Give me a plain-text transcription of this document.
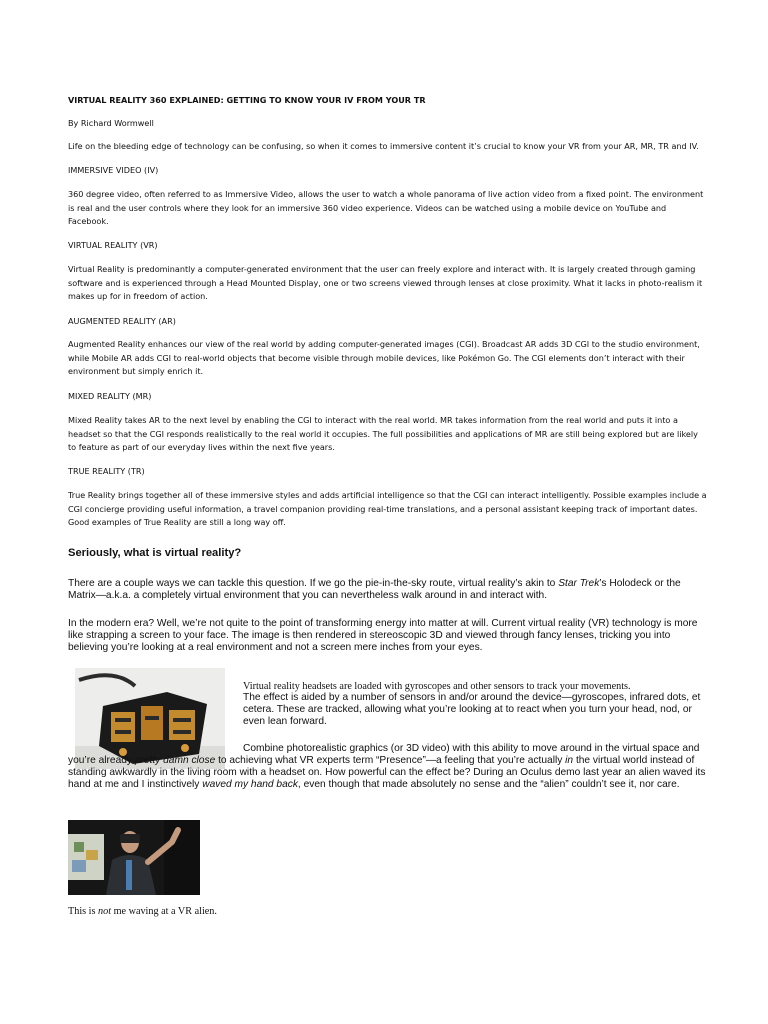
VIRTUAL REALITY 360 EXPLAINED: GETTING TO KNOW YOUR IV FROM YOUR TR

By Richard Wormwell

Life on the bleeding edge of technology can be confusing, so when it comes to immersive content it’s crucial to know your VR from your AR, MR, TR and IV.

IMMERSIVE VIDEO (IV)

360 degree video, often referred to as Immersive Video, allows the user to watch a whole panorama of live action video from a fixed point. The environment is real and the user controls where they look for an immersive 360 video experience. Videos can be watched using a mobile device on YouTube and Facebook.

VIRTUAL REALITY (VR)

Virtual Reality is predominantly a computer-generated environment that the user can freely explore and interact with. It is largely created through gaming software and is experienced through a Head Mounted Display, one or two screens viewed through lenses at close proximity. What it lacks in photo-realism it makes up for in freedom of action.

AUGMENTED REALITY (AR)

Augmented Reality enhances our view of the real world by adding computer-generated images (CGI). Broadcast AR adds 3D CGI to the studio environment, while Mobile AR adds CGI to real-world objects that become visible through mobile devices, like Pokémon Go. The CGI elements don’t interact with their environment but simply enrich it.

MIXED REALITY (MR)

Mixed Reality takes AR to the next level by enabling the CGI to interact with the real world. MR takes information from the real world and puts it into a headset so that the CGI responds realistically to the real world it occupies. The full possibilities and applications of MR are still being explored but are likely to feature as part of our everyday lives within the next five years.

TRUE REALITY (TR)

True Reality brings together all of these immersive styles and adds artificial intelligence so that the CGI can interact intelligently. Possible examples include a CGI concierge providing useful information, a travel companion providing real-time translations, and a personal assistant keeping track of important dates. Good examples of True Reality are still a long way off.

Seriously, what is virtual reality?

There are a couple ways we can tackle this question. If we go the pie-in-the-sky route, virtual reality’s akin to Star Trek’s Holodeck or the Matrix—a.k.a. a completely virtual environment that you can nevertheless walk around in and interact with.

In the modern era? Well, we’re not quite to the point of transforming energy into matter at will. Current virtual reality (VR) technology is more like strapping a screen to your face. The image is then rendered in stereoscopic 3D and viewed through fancy lenses, tricking you into believing you’re looking at a real environment and not a screen mere inches from your eyes.

Virtual reality headsets are loaded with gyroscopes and other sensors to track your movements.

The effect is aided by a number of sensors in and/or around the device—gyroscopes, infrared dots, et cetera. These are tracked, allowing what you’re looking at to react when you turn your head, nod, or even lean forward.

Combine photorealistic graphics (or 3D video) with this ability to move around in the virtual space and you’re already pretty damn close to achieving what VR experts term “Presence”—a feeling that you’re actually in the virtual world instead of standing awkwardly in the living room with a headset on. How powerful can the effect be? During an Oculus demo last year an alien waved its hand at me and I instinctively waved my hand back, even though that made absolutely no sense and the “alien” couldn’t see it, nor care.

This is not me waving at a VR alien.
